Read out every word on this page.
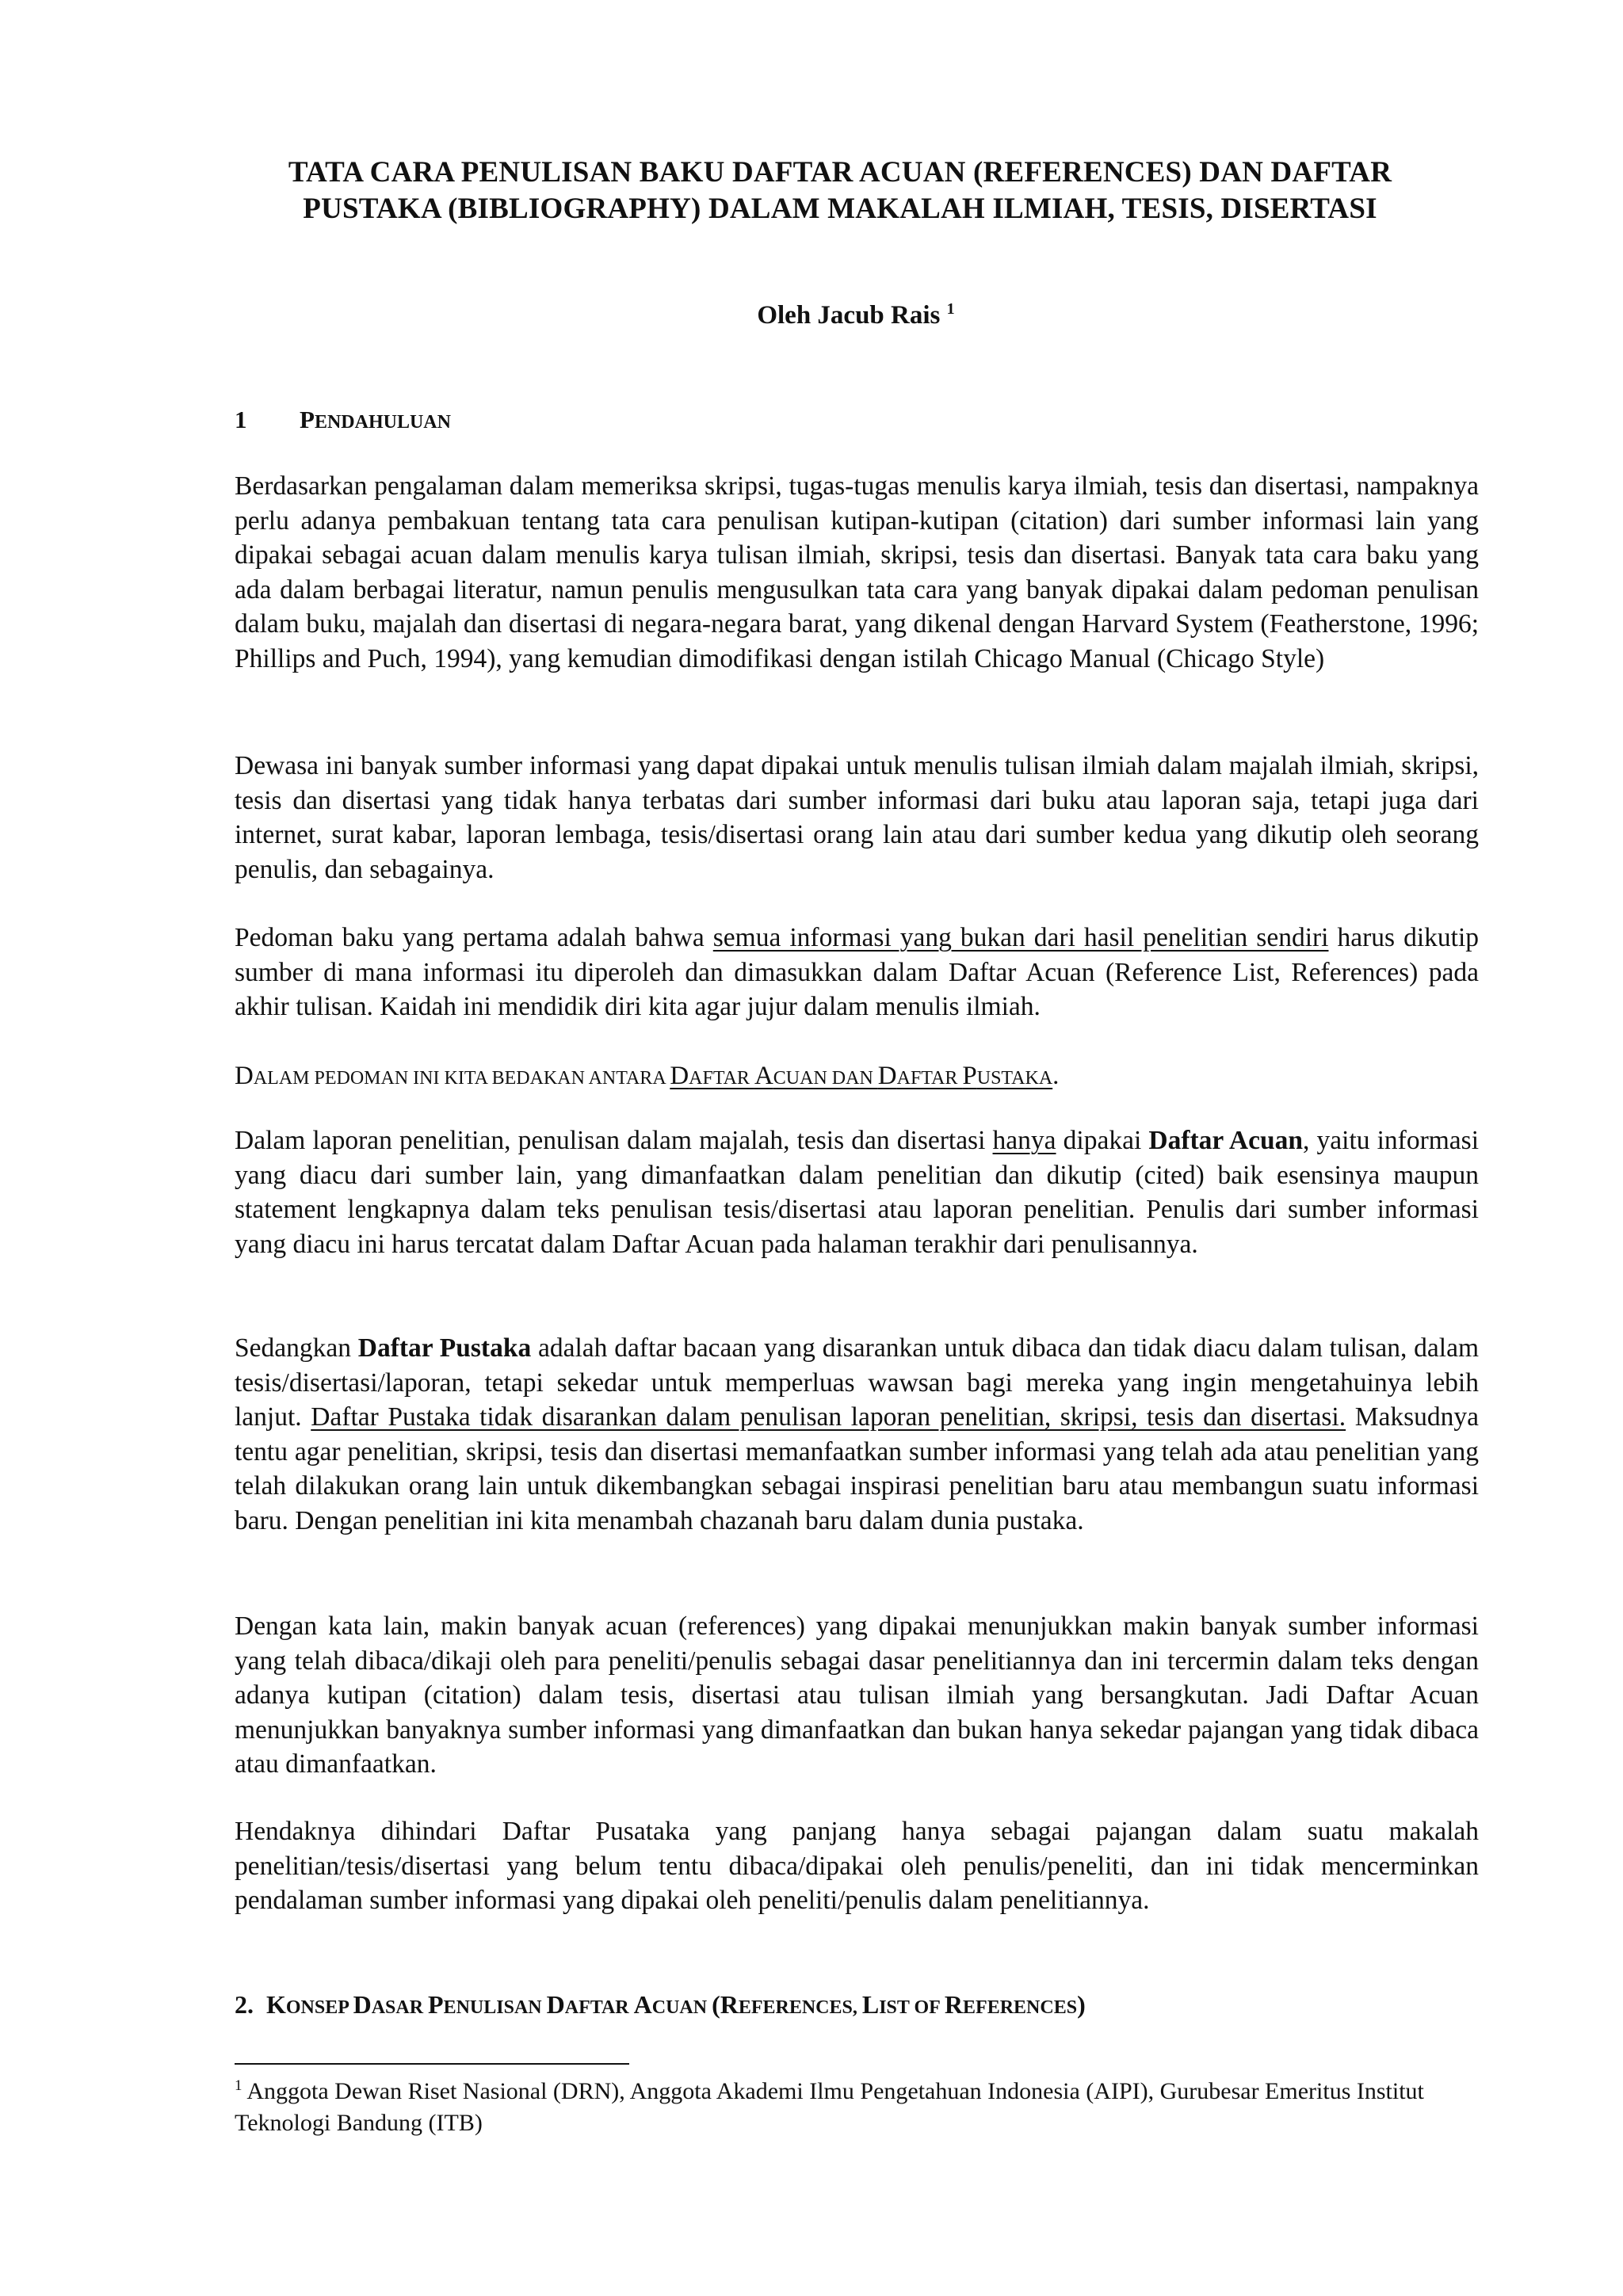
TATA CARA PENULISAN BAKU DAFTAR ACUAN (REFERENCES) DAN DAFTAR
PUSTAKA (BIBLIOGRAPHY) DALAM MAKALAH ILMIAH, TESIS, DISERTASI
Oleh Jacub Rais $^1$
1 PENDAHULUAN

Berdasarkan pengalaman dalam memeriksa skripsi, tugas-tugas menulis karya ilmiah, tesis dan disertasi, nampaknya perlu adanya pembakuan tentang tata cara penulisan kutipan-kutipan (citation) dari sumber informasi lain yang dipakai sebagai acuan dalam menulis karya tulisan ilmiah, skripsi, tesis dan disertasi. Banyak tata cara baku yang ada dalam berbagai literatur, namun penulis mengusulkan tata cara yang banyak dipakai dalam pedoman penulisan dalam buku, majalah dan disertasi di negara-negara barat, yang dikenal dengan Harvard System (Featherstone, 1996; Phillips and Puch, 1994), yang kemudian dimodifikasi dengan istilah Chicago Manual (Chicago Style)

Dewasa ini banyak sumber informasi yang dapat dipakai untuk menulis tulisan ilmiah dalam majalah ilmiah, skripsi, tesis dan disertasi yang tidak hanya terbatas dari sumber informasi dari buku atau laporan saja, tetapi juga dari internet, surat kabar, laporan lembaga, tesis/disertasi orang lain atau dari sumber kedua yang dikutip oleh seorang penulis, dan sebagainya.

Pedoman baku yang pertama adalah bahwa semua informasi yang bukan dari hasil penelitian sendiri harus dikutip sumber di mana informasi itu diperoleh dan dimasukkan dalam Daftar Acuan (Reference List, References) pada akhir tulisan. Kaidah ini mendidik diri kita agar jujur dalam menulis ilmiah.

DALAM PEDOMAN INI KITA BEDAKAN ANTARA DAFTAR ACUAN DAN DAFTAR PUSTAKA.

Dalam laporan penelitian, penulisan dalam majalah, tesis dan disertasi hanya dipakai Daftar Acuan, yaitu informasi yang diacu dari sumber lain, yang dimanfaatkan dalam penelitian dan dikutip (cited) baik esensinya maupun statement lengkapnya dalam teks penulisan tesis/disertasi atau laporan penelitian. Penulis dari sumber informasi yang diacu ini harus tercatat dalam Daftar Acuan pada halaman terakhir dari penulisannya.

Sedangkan Daftar Pustaka adalah daftar bacaan yang disarankan untuk dibaca dan tidak diacu dalam tulisan, dalam tesis/disertasi/laporan, tetapi sekedar untuk memperluas wawsan bagi mereka yang ingin mengetahuinya lebih lanjut. Daftar Pustaka tidak disarankan dalam penulisan laporan penelitian, skripsi, tesis dan disertasi. Maksudnya tentu agar penelitian, skripsi, tesis dan disertasi memanfaatkan sumber informasi yang telah ada atau penelitian yang telah dilakukan orang lain untuk dikembangkan sebagai inspirasi penelitian baru atau membangun suatu informasi baru. Dengan penelitian ini kita menambah chazanah baru dalam dunia pustaka.

Dengan kata lain, makin banyak acuan (references) yang dipakai menunjukkan makin banyak sumber informasi yang telah dibaca/dikaji oleh para peneliti/penulis sebagai dasar penelitiannya dan ini tercermin dalam teks dengan adanya kutipan (citation) dalam tesis, disertasi atau tulisan ilmiah yang bersangkutan. Jadi Daftar Acuan menunjukkan banyaknya sumber informasi yang dimanfaatkan dan bukan hanya sekedar pajangan yang tidak dibaca atau dimanfaatkan.

Hendaknya dihindari Daftar Pusataka yang panjang hanya sebagai pajangan dalam suatu makalah penelitian/tesis/disertasi yang belum tentu dibaca/dipakai oleh penulis/peneliti, dan ini tidak mencerminkan pendalaman sumber informasi yang dipakai oleh peneliti/penulis dalam penelitiannya.

2. KONSEP DASAR PENULISAN DAFTAR ACUAN (REFERENCES, LIST OF REFERENCES)
$^1$ Anggota Dewan Riset Nasional (DRN), Anggota Akademi Ilmu Pengetahuan Indonesia (AIPI), Gurubesar Emeritus Institut Teknologi Bandung (ITB)
